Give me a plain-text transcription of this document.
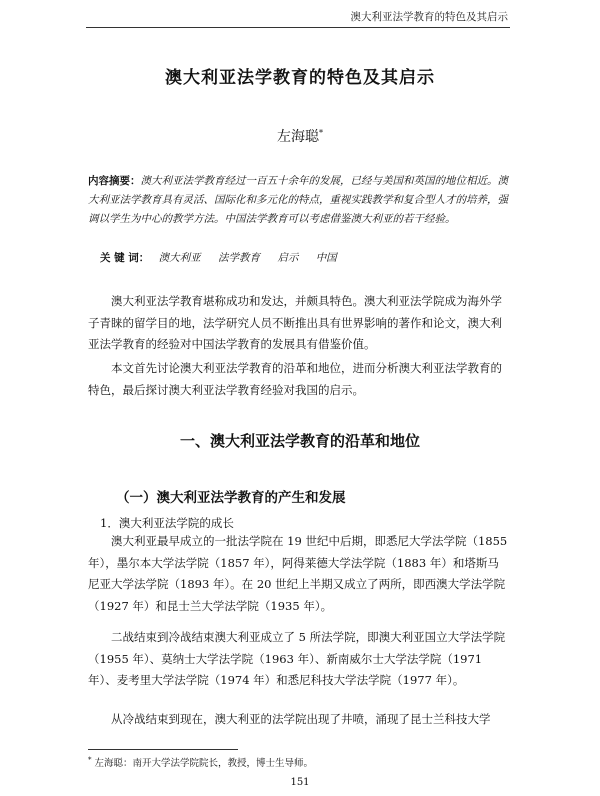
澳大利亚法学教育的特色及其启示
澳大利亚法学教育的特色及其启示
左海聪*
内容摘要：澳大利亚法学教育经过一百五十余年的发展，已经与美国和英国的地位相近。澳大利亚法学教育具有灵活、国际化和多元化的特点，重视实践教学和复合型人才的培养，强调以学生为中心的教学方法。中国法学教育可以考虑借鉴澳大利亚的若干经验。
关 键 词： 澳大利亚 法学教育 启示 中国
澳大利亚法学教育堪称成功和发达，并颇具特色。澳大利亚法学院成为海外学子青睐的留学目的地，法学研究人员不断推出具有世界影响的著作和论文，澳大利亚法学教育的经验对中国法学教育的发展具有借鉴价值。
本文首先讨论澳大利亚法学教育的沿革和地位，进而分析澳大利亚法学教育的特色，最后探讨澳大利亚法学教育经验对我国的启示。
一、澳大利亚法学教育的沿革和地位
（一）澳大利亚法学教育的产生和发展
1．澳大利亚法学院的成长
澳大利亚最早成立的一批法学院在 19 世纪中后期，即悉尼大学法学院（1855 年），墨尔本大学法学院（1857 年），阿得莱德大学法学院（1883 年）和塔斯马尼亚大学法学院（1893 年）。在 20 世纪上半期又成立了两所，即西澳大学法学院（1927 年）和昆士兰大学法学院（1935 年）。
二战结束到冷战结束澳大利亚成立了 5 所法学院，即澳大利亚国立大学法学院（1955 年）、莫纳士大学法学院（1963 年）、新南威尔士大学法学院（1971 年）、麦考里大学法学院（1974 年）和悉尼科技大学法学院（1977 年）。
从冷战结束到现在，澳大利亚的法学院出现了井喷，涌现了昆士兰科技大学
* 左海聪：南开大学法学院院长，教授，博士生导师。
151
